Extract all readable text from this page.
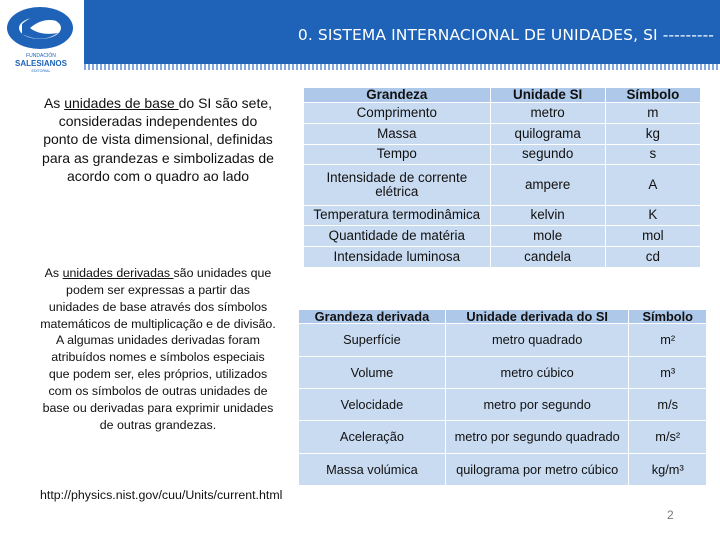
0. SISTEMA INTERNACIONAL DE UNIDADES, SI ---------
FUNDACIÓN
SALESIANOS
EDITORIAL
As unidades de base do SI são sete, consideradas independentes do ponto de vista dimensional, definidas para as grandezas e simbolizadas de acordo com o quadro ao lado
As unidades derivadas são unidades que podem ser expressas a partir das unidades de base através dos símbolos matemáticos de multiplicação e de divisão. A algumas unidades derivadas foram atribuídos nomes e símbolos especiais que podem ser, eles próprios, utilizados com os símbolos de outras unidades de base ou derivadas para exprimir unidades de outras grandezas.
http://physics.nist.gov/cuu/Units/current.html
Grandeza	Unidade SI	Símbolo
Comprimento	metro	m
Massa	quilograma	kg
Tempo	segundo	s
Intensidade de corrente elétrica	ampere	A
Temperatura termodinâmica	kelvin	K
Quantidade de matéria	mole	mol
Intensidade luminosa	candela	cd
Grandeza derivada	Unidade derivada do SI	Símbolo
Superfície	metro quadrado	m²
Volume	metro cúbico	m³
Velocidade	metro por segundo	m/s
Aceleração	metro por segundo quadrado	m/s²
Massa volúmica	quilograma por metro cúbico	kg/m³
2
